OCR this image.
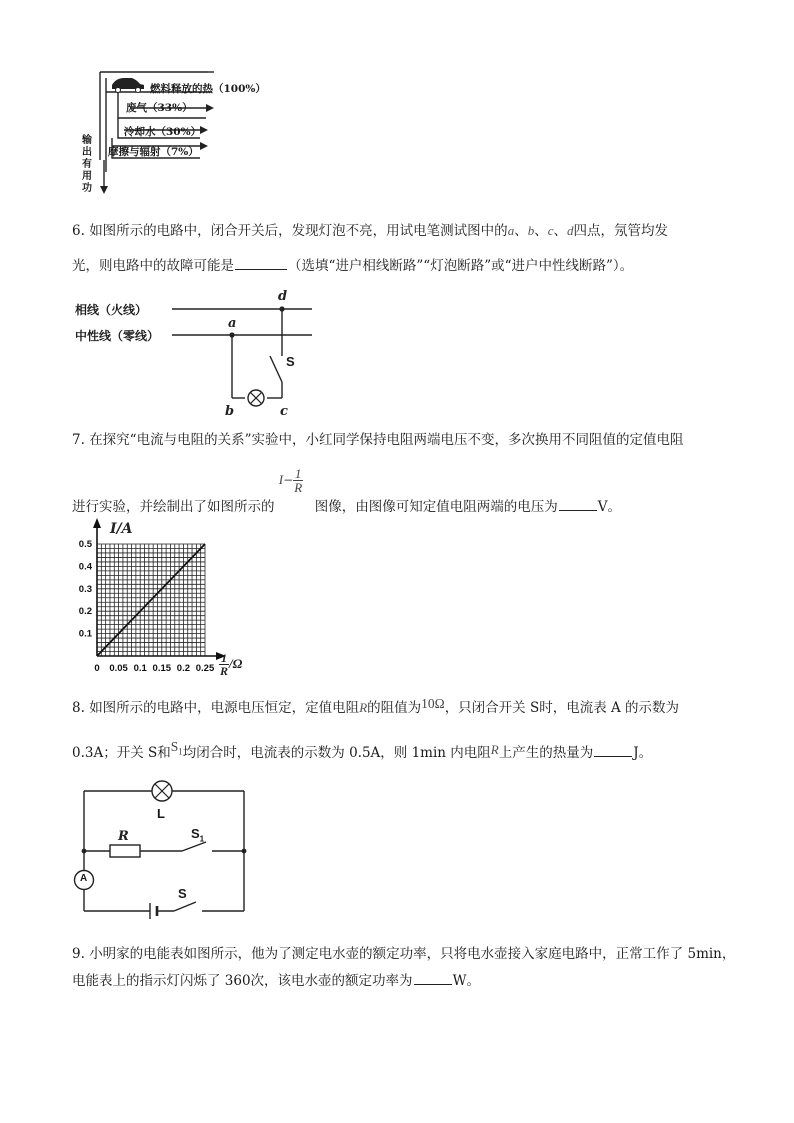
燃料释放的热（100%）
废气（33%）
冷却水（30%）
摩擦与辐射（7%）
输出有用功
6. 如图所示的电路中，闭合开关后，发现灯泡不亮，用试电笔测试图中的a、b、c、d四点，氖管均发
光，则电路中的故障可能是	（选填“进户相线断路”“灯泡断路”或“进户中性线断路”）。
相线（火线）
中性线（零线）
d
a
b	c
S
7. 在探究“电流与电阻的关系”实验中，小红同学保持电阻两端电压不变，多次换用不同阻值的定值电阻
进行实验，并绘制出了如图所示的
$I- \frac{1}{R}$
图像，由图像可知定值电阻两端的电压为	V。
0 0.05 0.1 0.15 0.2 0.25
0.1
0.2
0.3
0.4
0.5
I/A
$\frac{1}{R} /\Omega$
8. 如图所示的电路中，电源电压恒定，定值电阻R的阻值为10Ω，只闭合开关 S时，电流表 A 的示数为
0.3A；开关 S和$S_1$均闭合时，电流表的示数为 0.5A，则 1min 内电阻R上产生的热量为	J。
L
R	$S_1$
S
A
9. 小明家的电能表如图所示，他为了测定电水壶的额定功率，只将电水壶接入家庭电路中，正常工作了 5min，
电能表上的指示灯闪烁了 360次，该电水壶的额定功率为	W。
